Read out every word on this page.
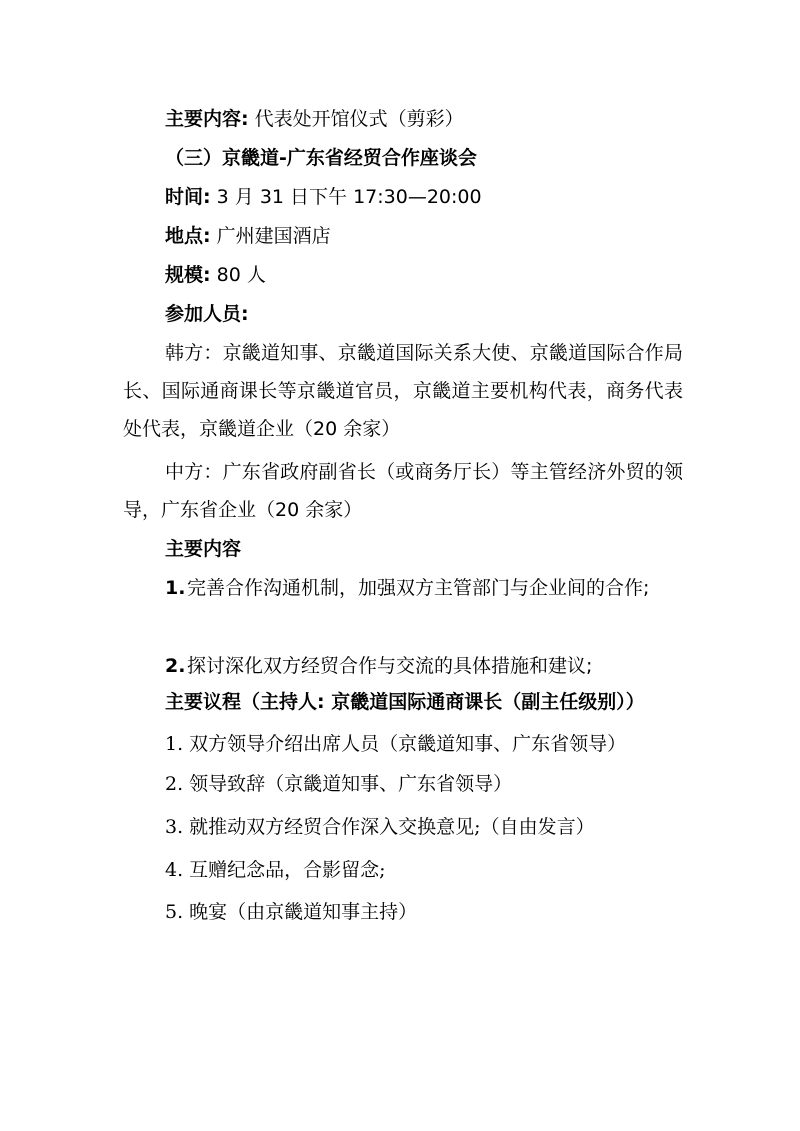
主要内容: 代表处开馆仪式（剪彩）
（三）京畿道-广东省经贸合作座谈会
时间: 3 月 31 日下午 17:30—20:00
地点: 广州建国酒店
规模: 80 人
参加人员:
韩方：京畿道知事、京畿道国际关系大使、京畿道国际合作局长、国际通商课长等京畿道官员，京畿道主要机构代表，商务代表处代表，京畿道企业（20 余家）
中方：广东省政府副省长（或商务厅长）等主管经济外贸的领导，广东省企业（20 余家）
主要内容
1. 完善合作沟通机制，加强双方主管部门与企业间的合作;
2. 探讨深化双方经贸合作与交流的具体措施和建议;
主要议程（主持人: 京畿道国际通商课长（副主任级别））
1. 双方领导介绍出席人员（京畿道知事、广东省领导）
2. 领导致辞（京畿道知事、广东省领导）
3. 就推动双方经贸合作深入交换意见;（自由发言）
4. 互赠纪念品，合影留念;
5. 晚宴（由京畿道知事主持）
